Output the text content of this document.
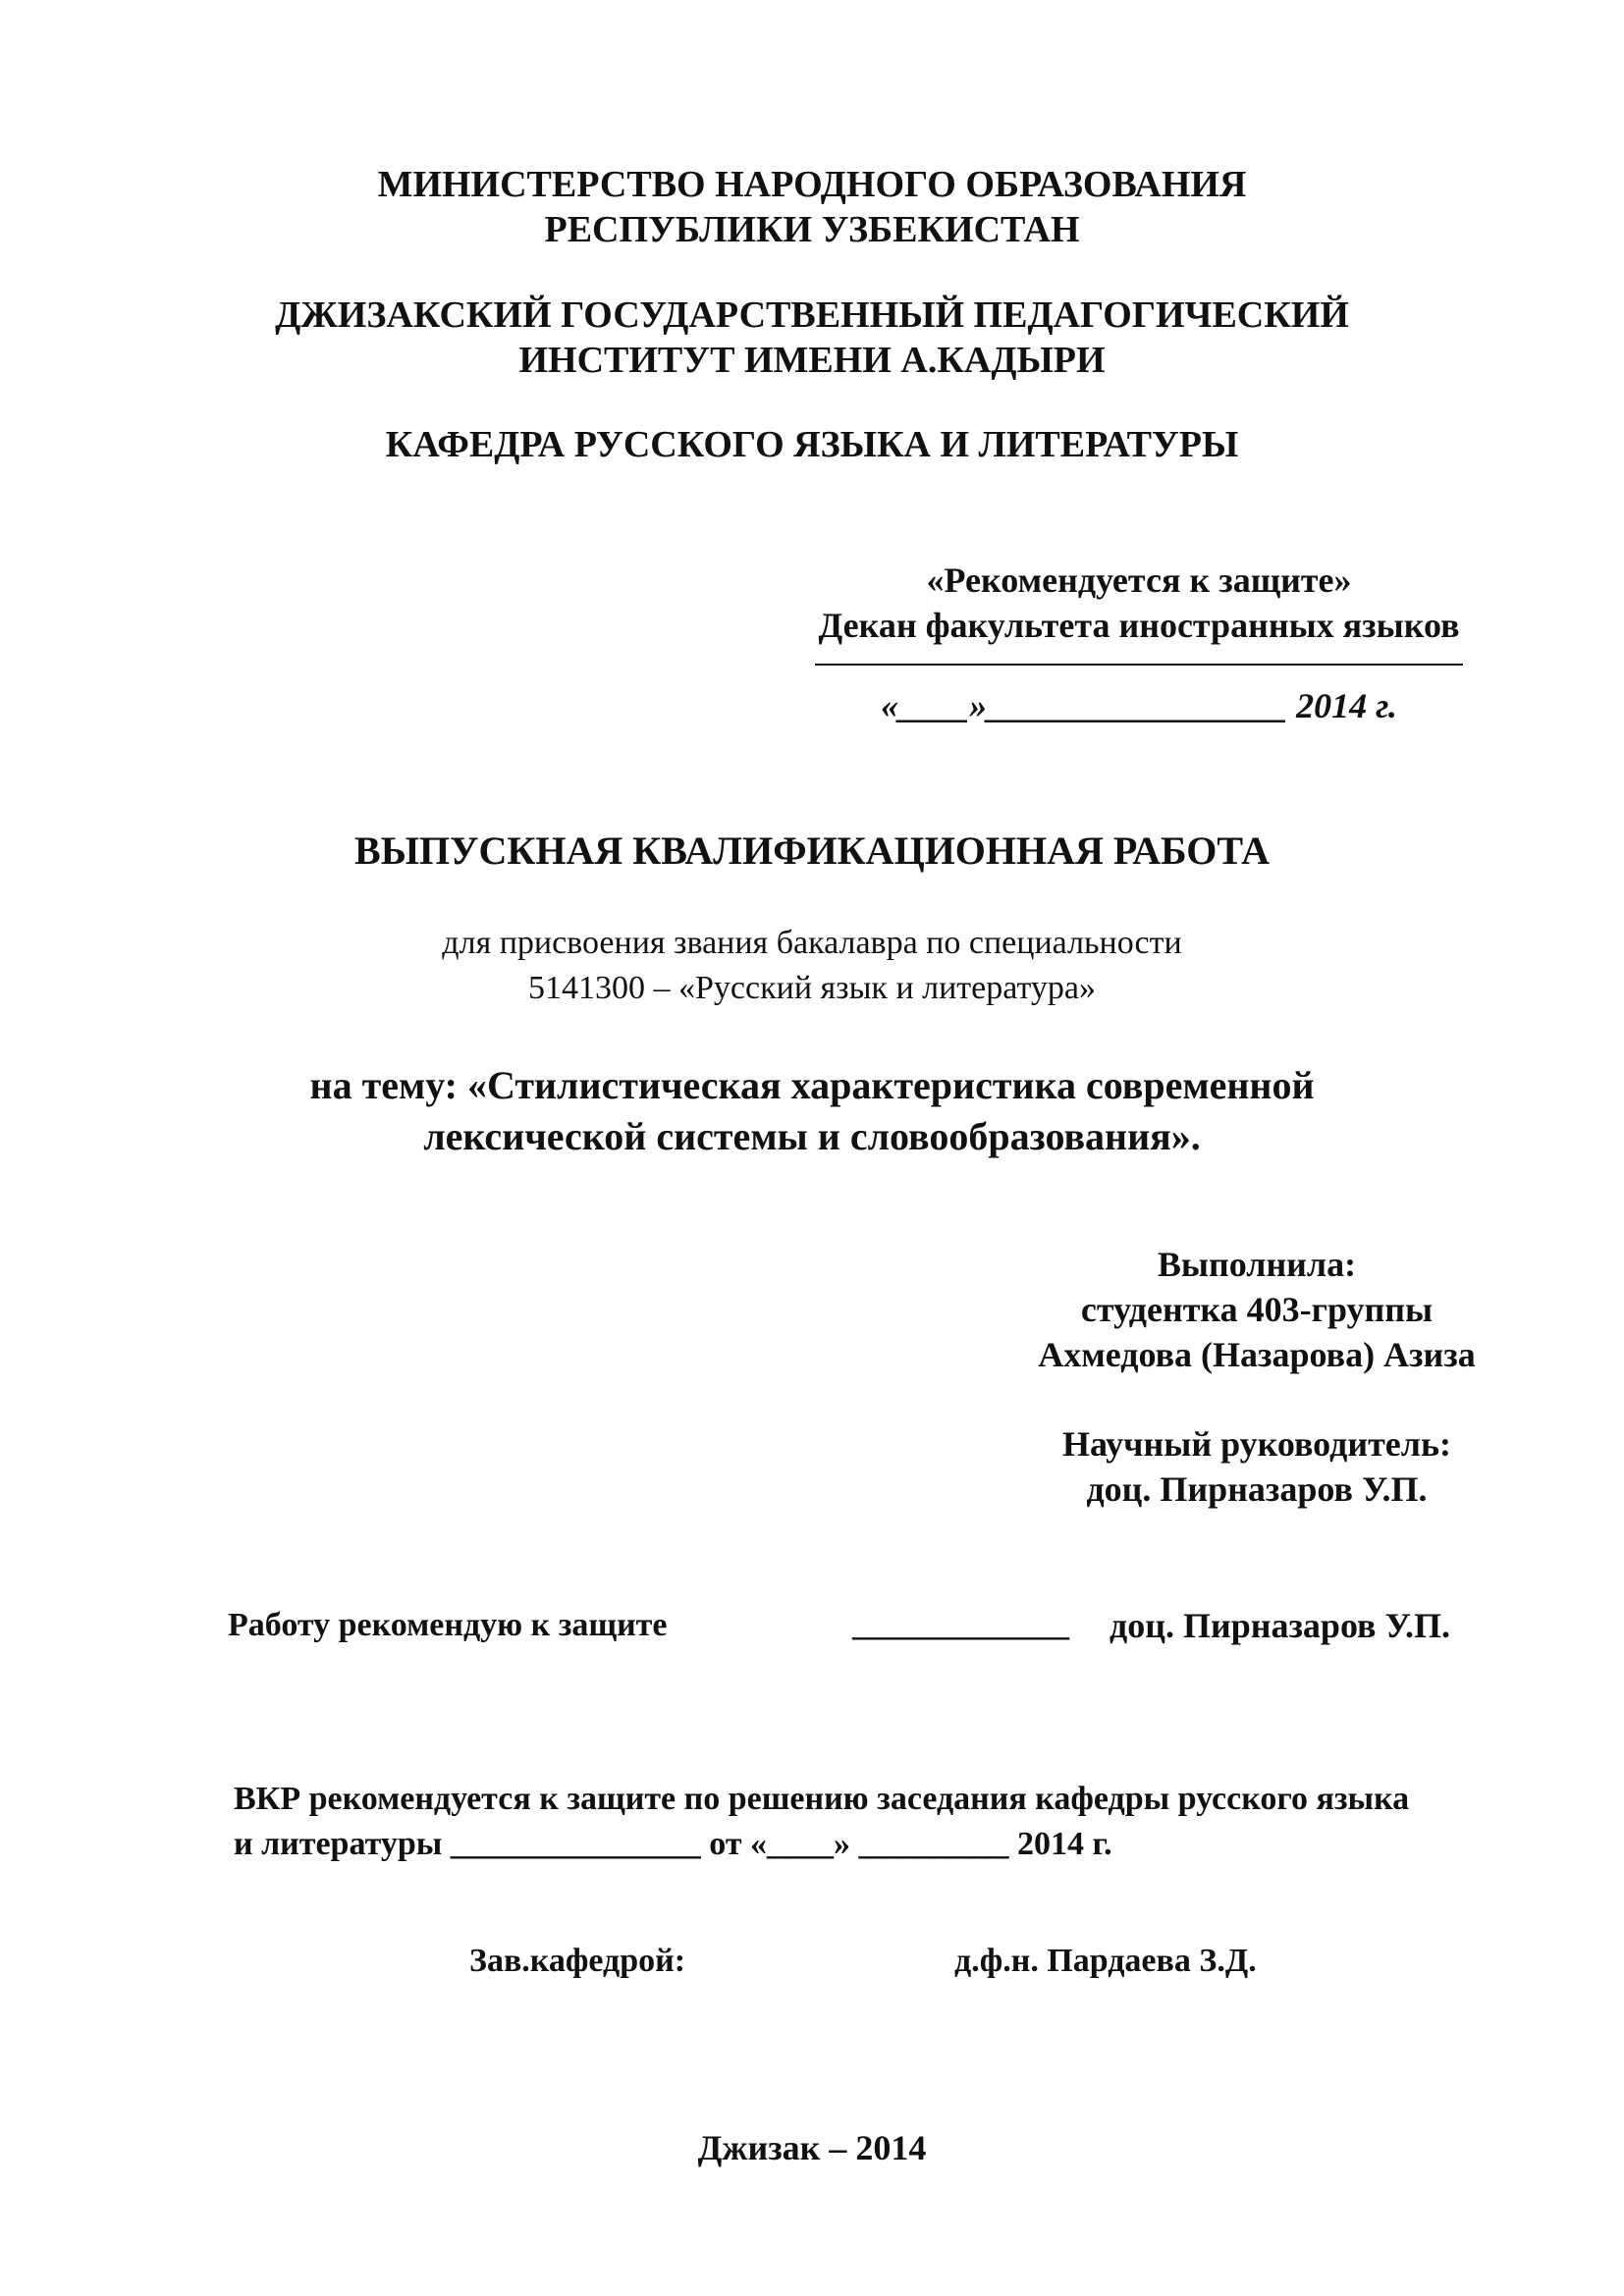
МИНИСТЕРСТВО НАРОДНОГО ОБРАЗОВАНИЯ
РЕСПУБЛИКИ УЗБЕКИСТАН
ДЖИЗАКСКИЙ ГОСУДАРСТВЕННЫЙ ПЕДАГОГИЧЕСКИЙ
ИНСТИТУТ ИМЕНИ А.КАДЫРИ
КАФЕДРА РУССКОГО ЯЗЫКА И ЛИТЕРАТУРЫ
«Рекомендуется к защите»
Декан факультета иностранных языков
«____»_________________ 2014 г.
ВЫПУСКНАЯ КВАЛИФИКАЦИОННАЯ РАБОТА
для присвоения звания бакалавра по специальности
5141300 – «Русский язык и литература»
на тему: «Стилистическая характеристика современной
лексической системы и словообразования».
Выполнила:
студентка 403-группы
Ахмедова (Назарова) Азиза
Научный руководитель:
доц. Пирназаров У.П.
Работу рекомендую к защите	_____________ доц. Пирназаров У.П.
ВКР рекомендуется к защите по решению заседания кафедры русского языка
и литературы _______________ от «____» _________ 2014 г.
Зав.кафедрой:	д.ф.н. Пардаева З.Д.
Джизак – 2014
